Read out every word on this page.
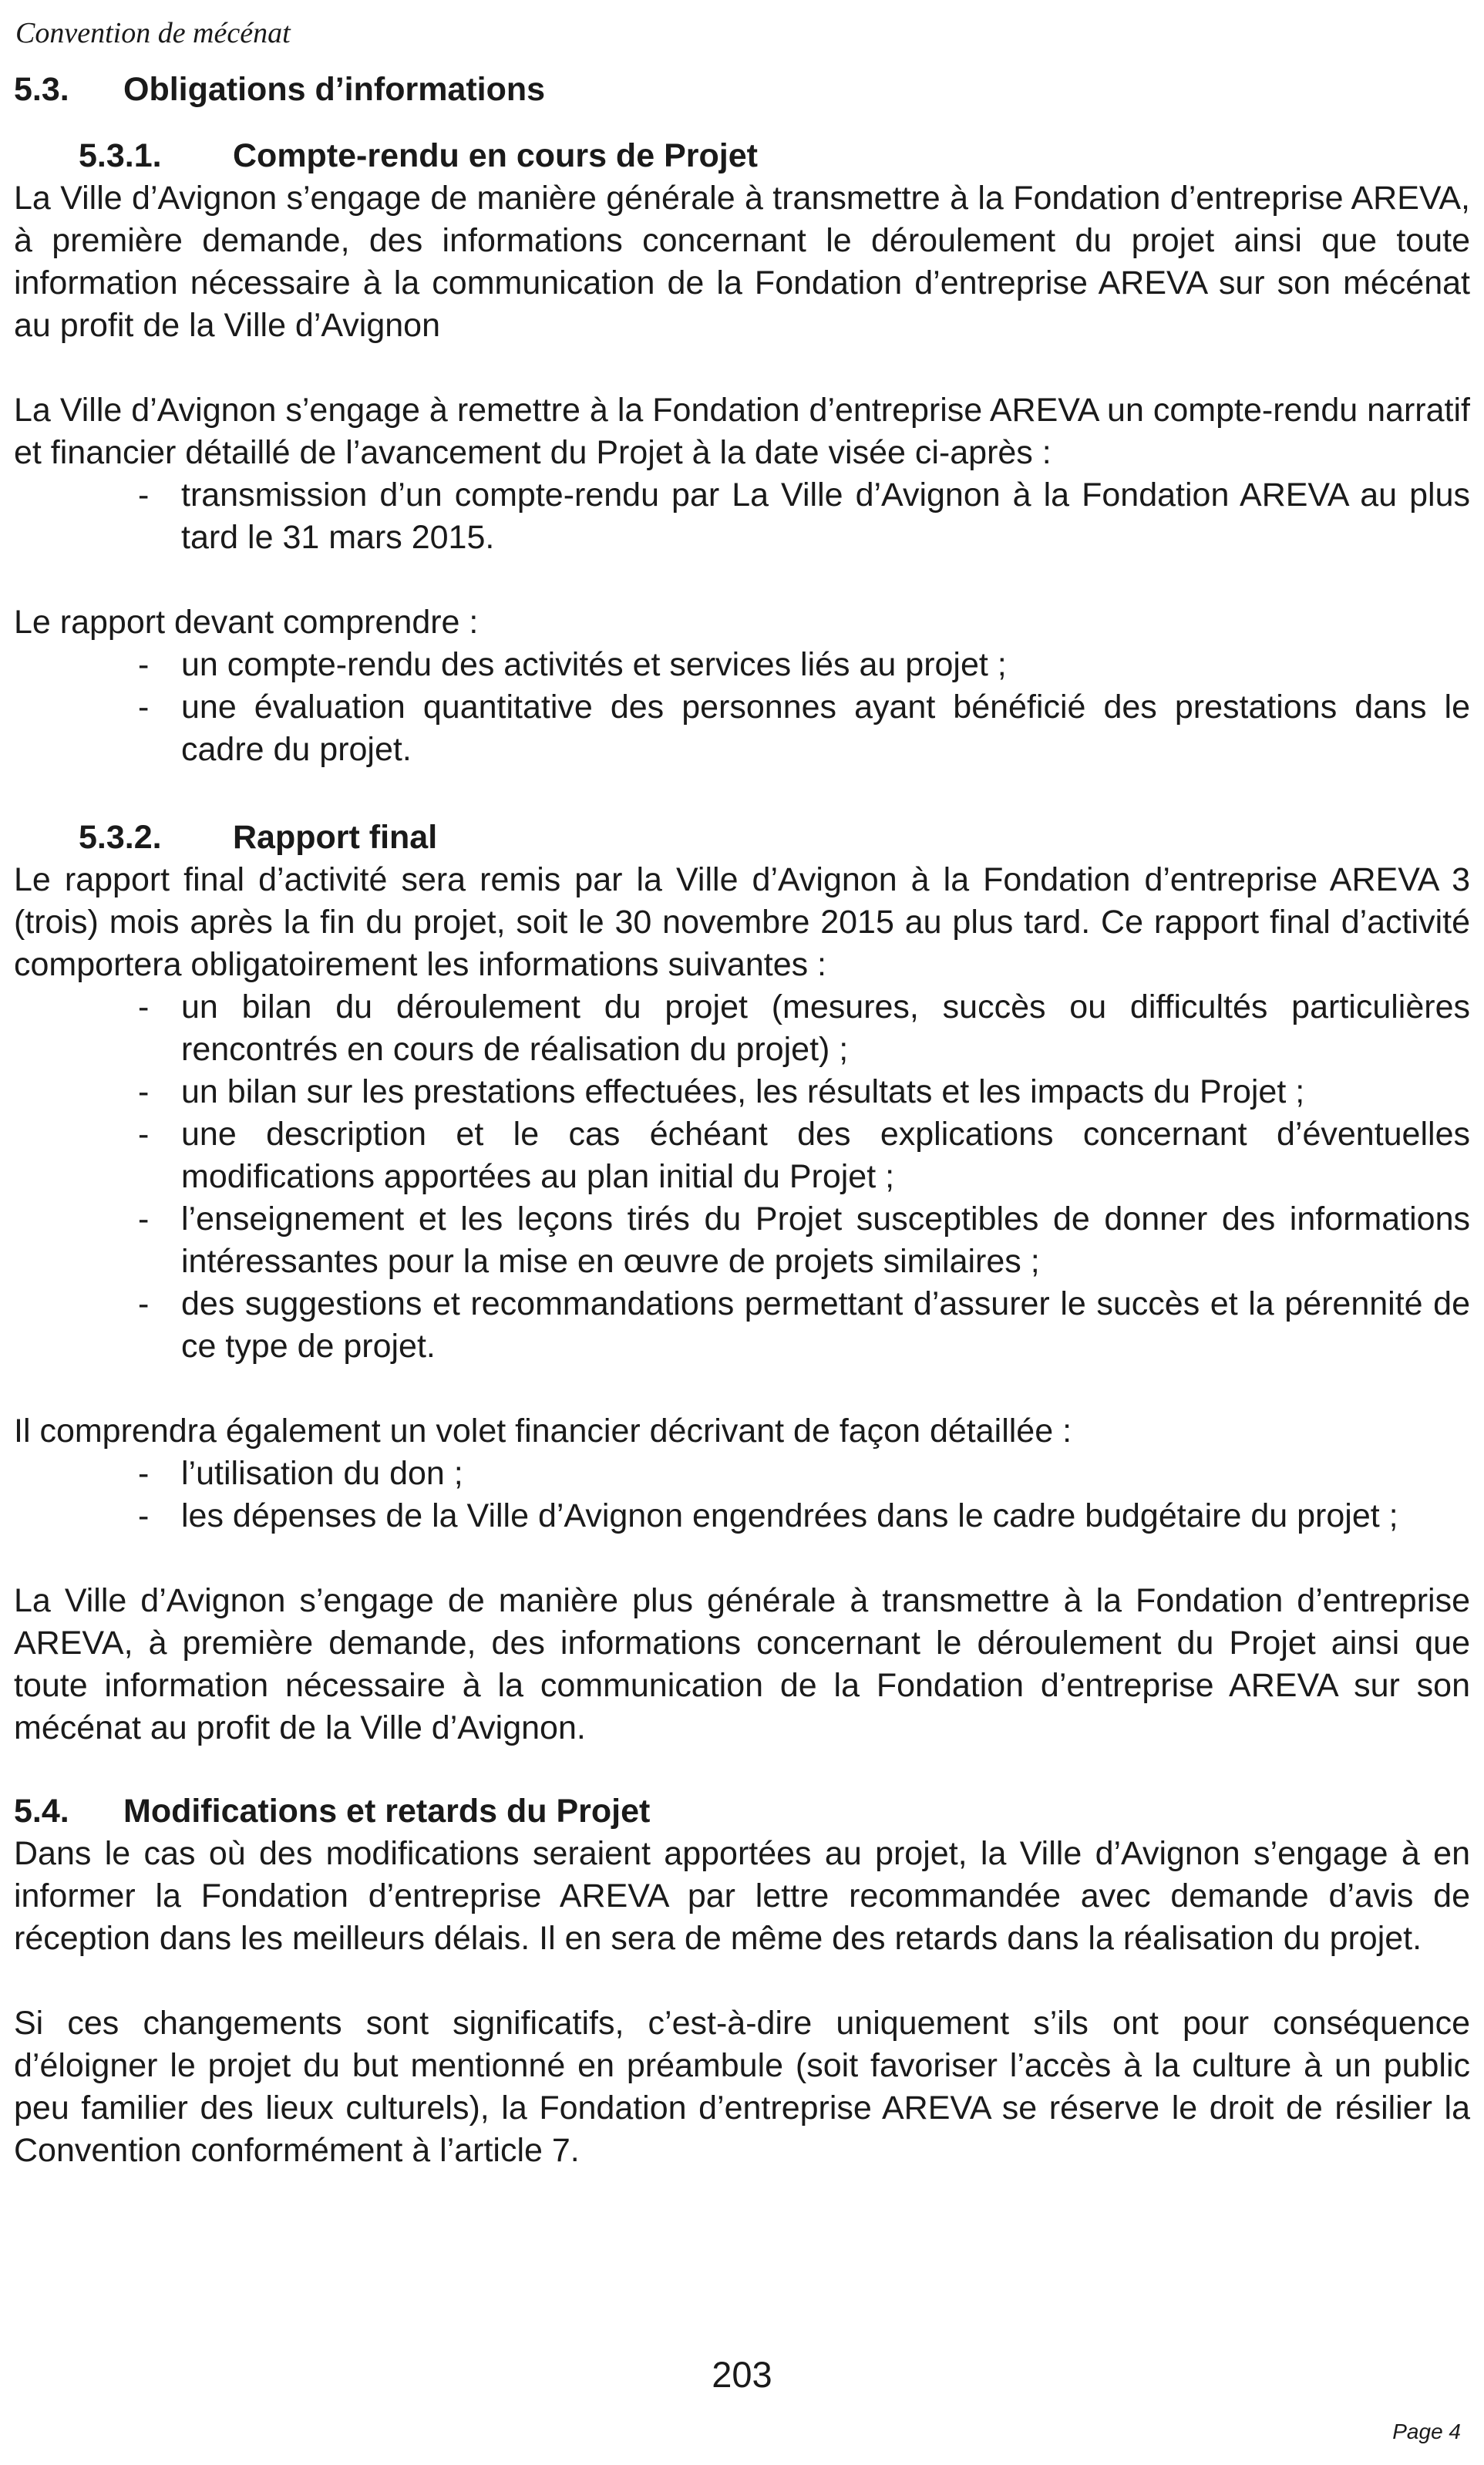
Convention de mécénat
5.3. Obligations d’informations
5.3.1. Compte-rendu en cours de Projet

La Ville d’Avignon s’engage de manière générale à transmettre à la Fondation d’entreprise AREVA, à première demande, des informations concernant le déroulement du projet ainsi que toute information nécessaire à la communication de la Fondation d’entreprise AREVA sur son mécénat au profit de la Ville d’Avignon

La Ville d’Avignon s’engage à remettre à la Fondation d’entreprise AREVA un compte-rendu narratif et financier détaillé de l’avancement du Projet à la date visée ci-après :

- transmission d’un compte-rendu par La Ville d’Avignon à la Fondation AREVA au plus tard le 31 mars 2015.

Le rapport devant comprendre :

- un compte-rendu des activités et services liés au projet ;
- une évaluation quantitative des personnes ayant bénéficié des prestations dans le cadre du projet.
5.3.2. Rapport final

Le rapport final d’activité sera remis par la Ville d’Avignon à la Fondation d’entreprise AREVA 3 (trois) mois après la fin du projet, soit le 30 novembre 2015 au plus tard. Ce rapport final d’activité comportera obligatoirement les informations suivantes :

- un bilan du déroulement du projet (mesures, succès ou difficultés particulières rencontrés en cours de réalisation du projet) ;
- un bilan sur les prestations effectuées, les résultats et les impacts du Projet ;
- une description et le cas échéant des explications concernant d’éventuelles modifications apportées au plan initial du Projet ;
- l’enseignement et les leçons tirés du Projet susceptibles de donner des informations intéressantes pour la mise en œuvre de projets similaires ;
- des suggestions et recommandations permettant d’assurer le succès et la pérennité de ce type de projet.

Il comprendra également un volet financier décrivant de façon détaillée :

- l’utilisation du don ;
- les dépenses de la Ville d’Avignon engendrées dans le cadre budgétaire du projet ;

La Ville d’Avignon s’engage de manière plus générale à transmettre à la Fondation d’entreprise AREVA, à première demande, des informations concernant le déroulement du Projet ainsi que toute information nécessaire à la communication de la Fondation d’entreprise AREVA sur son mécénat au profit de la Ville d’Avignon.

5.4. Modifications et retards du Projet

Dans le cas où des modifications seraient apportées au projet, la Ville d’Avignon s’engage à en informer la Fondation d’entreprise AREVA par lettre recommandée avec demande d’avis de réception dans les meilleurs délais. Il en sera de même des retards dans la réalisation du projet.

Si ces changements sont significatifs, c’est-à-dire uniquement s’ils ont pour conséquence d’éloigner le projet du but mentionné en préambule (soit favoriser l’accès à la culture à un public peu familier des lieux culturels), la Fondation d’entreprise AREVA se réserve le droit de résilier la Convention conformément à l’article 7.

203
Page 4
